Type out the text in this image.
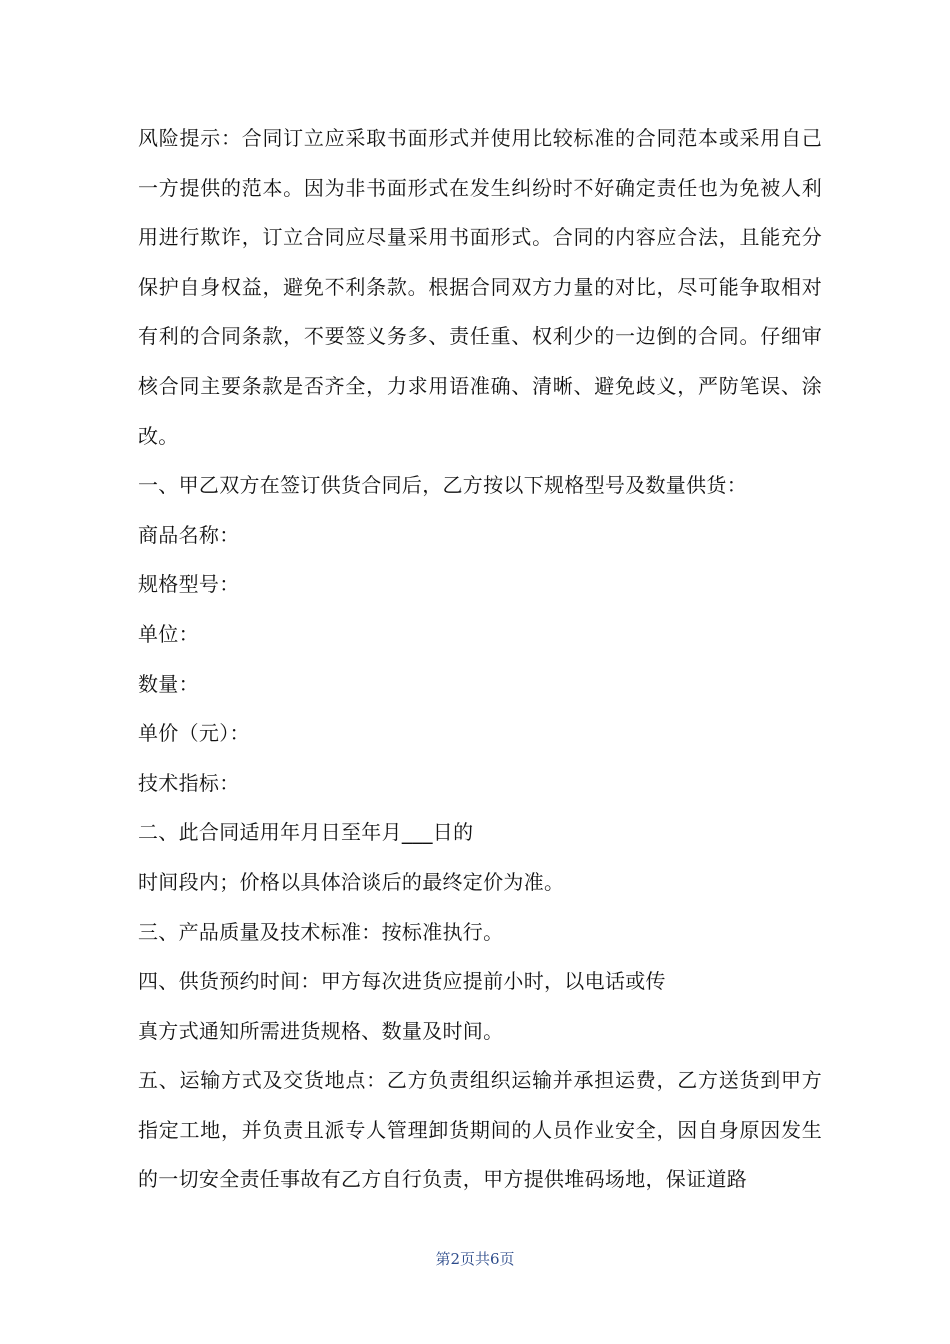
风险提示：合同订立应采取书面形式并使用比较标准的合同范本或采用自己一方提供的范本。因为非书面形式在发生纠纷时不好确定责任也为免被人利用进行欺诈，订立合同应尽量采用书面形式。合同的内容应合法，且能充分保护自身权益，避免不利条款。根据合同双方力量的对比，尽可能争取相对有利的合同条款，不要签义务多、责任重、权利少的一边倒的合同。仔细审核合同主要条款是否齐全，力求用语准确、清晰、避免歧义，严防笔误、涂改。

一、甲乙双方在签订供货合同后，乙方按以下规格型号及数量供货：

商品名称：

规格型号：

单位：

数量：

单价（元）：

技术指标：

二、此合同适用年月日至年月___日的

时间段内；价格以具体洽谈后的最终定价为准。

三、产品质量及技术标准：按标准执行。

四、供货预约时间：甲方每次进货应提前小时，以电话或传

真方式通知所需进货规格、数量及时间。

五、运输方式及交货地点：乙方负责组织运输并承担运费，乙方送货到甲方指定工地，并负责且派专人管理卸货期间的人员作业安全，因自身原因发生的一切安全责任事故有乙方自行负责，甲方提供堆码场地，保证道路

第2页共6页
